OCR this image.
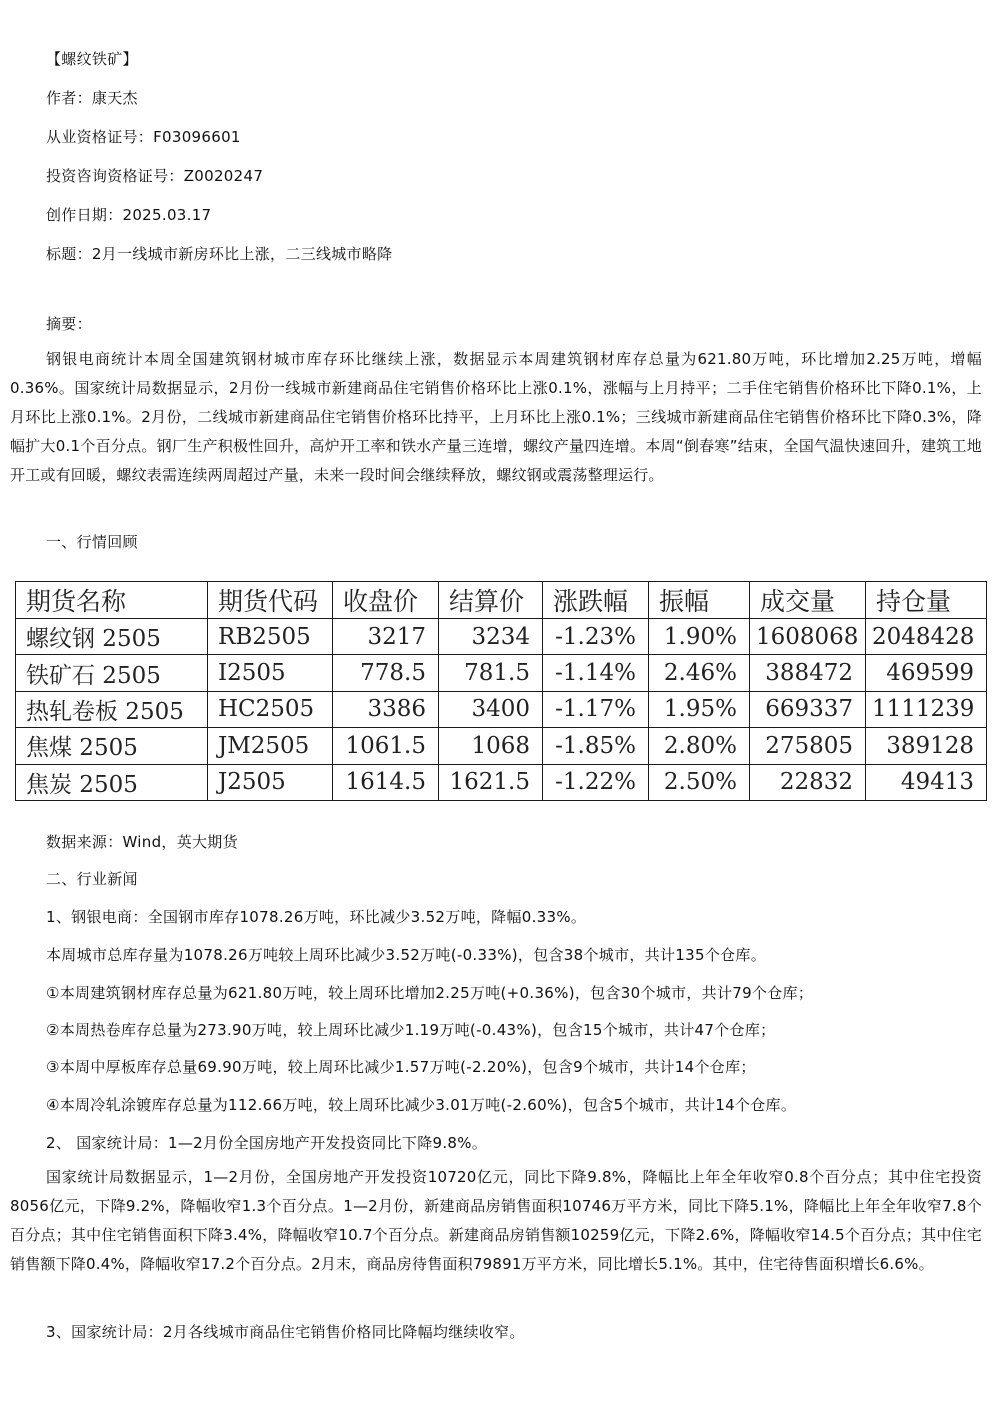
【螺纹铁矿】
作者：康天杰
从业资格证号：F03096601
投资咨询资格证号：Z0020247
创作日期：2025.03.17
标题：2月一线城市新房环比上涨，二三线城市略降
摘要：
钢银电商统计本周全国建筑钢材城市库存环比继续上涨，数据显示本周建筑钢材库存总量为621.80万吨，环比增加2.25万吨，增幅0.36%。国家统计局数据显示，2月份一线城市新建商品住宅销售价格环比上涨0.1%，涨幅与上月持平；二手住宅销售价格环比下降0.1%，上月环比上涨0.1%。2月份，二线城市新建商品住宅销售价格环比持平，上月环比上涨0.1%；三线城市新建商品住宅销售价格环比下降0.3%，降幅扩大0.1个百分点。钢厂生产积极性回升，高炉开工率和铁水产量三连增，螺纹产量四连增。本周“倒春寒”结束，全国气温快速回升，建筑工地开工或有回暖，螺纹表需连续两周超过产量，未来一段时间会继续释放，螺纹钢或震荡整理运行。
一、行情回顾
期货名称	期货代码	收盘价	结算价	涨跌幅	振幅	成交量	持仓量
螺纹钢 2505	RB2505	3217	3234	-1.23%	1.90%	1608068	2048428
铁矿石 2505	I2505	778.5	781.5	-1.14%	2.46%	388472	469599
热轧卷板 2505	HC2505	3386	3400	-1.17%	1.95%	669337	1111239
焦煤 2505	JM2505	1061.5	1068	-1.85%	2.80%	275805	389128
焦炭 2505	J2505	1614.5	1621.5	-1.22%	2.50%	22832	49413
数据来源：Wind，英大期货
二、行业新闻
1、钢银电商：全国钢市库存1078.26万吨，环比减少3.52万吨，降幅0.33%。
本周城市总库存量为1078.26万吨较上周环比减少3.52万吨(-0.33%)，包含38个城市，共计135个仓库。
①本周建筑钢材库存总量为621.80万吨，较上周环比增加2.25万吨(+0.36%)，包含30个城市，共计79个仓库；
②本周热卷库存总量为273.90万吨，较上周环比减少1.19万吨(-0.43%)，包含15个城市，共计47个仓库；
③本周中厚板库存总量69.90万吨，较上周环比减少1.57万吨(-2.20%)，包含9个城市，共计14个仓库；
④本周冷轧涂镀库存总量为112.66万吨，较上周环比减少3.01万吨(-2.60%)，包含5个城市，共计14个仓库。
2、 国家统计局：1—2月份全国房地产开发投资同比下降9.8%。
国家统计局数据显示，1—2月份，全国房地产开发投资10720亿元，同比下降9.8%，降幅比上年全年收窄0.8个百分点；其中住宅投资8056亿元，下降9.2%，降幅收窄1.3个百分点。1—2月份，新建商品房销售面积10746万平方米，同比下降5.1%，降幅比上年全年收窄7.8个百分点；其中住宅销售面积下降3.4%，降幅收窄10.7个百分点。新建商品房销售额10259亿元，下降2.6%，降幅收窄14.5个百分点；其中住宅销售额下降0.4%，降幅收窄17.2个百分点。2月末，商品房待售面积79891万平方米，同比增长5.1%。其中，住宅待售面积增长6.6%。
3、国家统计局：2月各线城市商品住宅销售价格同比降幅均继续收窄。
